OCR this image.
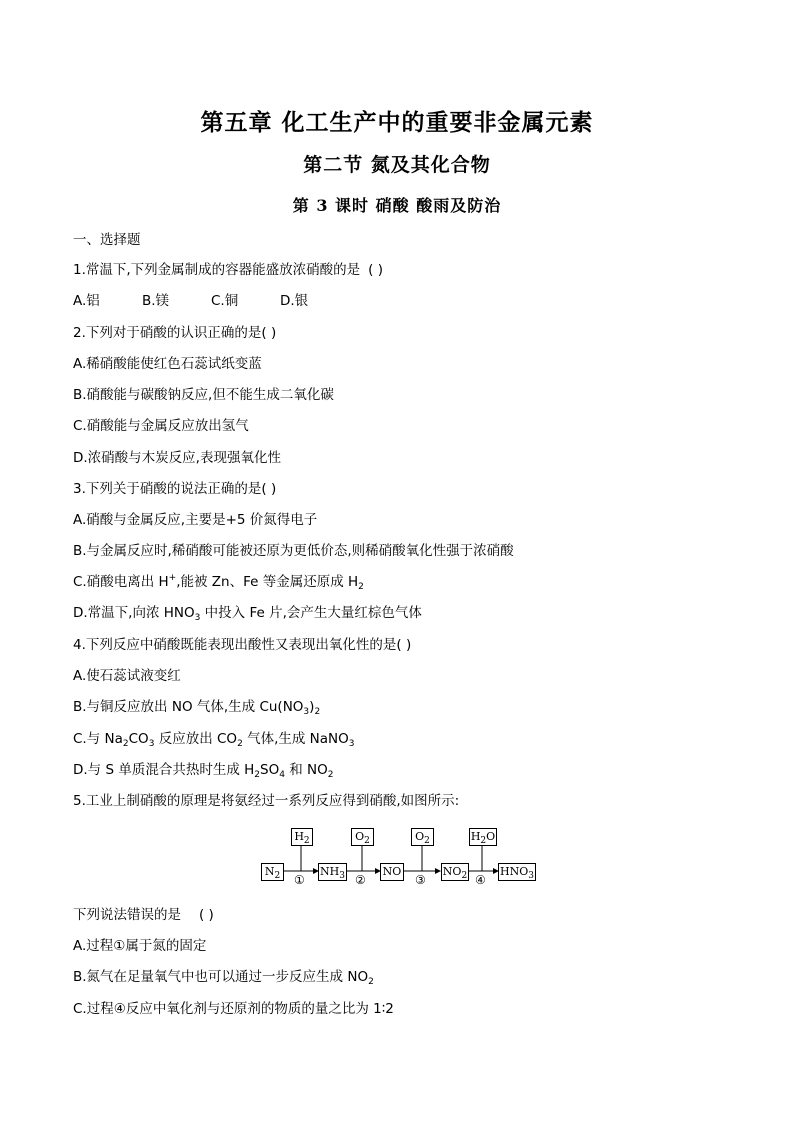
第五章 化工生产中的重要非金属元素
第二节 氮及其化合物
第 3 课时 硝酸 酸雨及防治
一、选择题
1.常温下,下列金属制成的容器能盛放浓硝酸的是 ( )
A.铝	B.镁	C.铜	D.银
2.下列对于硝酸的认识正确的是( )
A.稀硝酸能使红色石蕊试纸变蓝
B.硝酸能与碳酸钠反应,但不能生成二氧化碳
C.硝酸能与金属反应放出氢气
D.浓硝酸与木炭反应,表现强氧化性
3.下列关于硝酸的说法正确的是( )
A.硝酸与金属反应,主要是+5 价氮得电子
B.与金属反应时,稀硝酸可能被还原为更低价态,则稀硝酸氧化性强于浓硝酸
C.硝酸电离出 H+,能被 Zn、Fe 等金属还原成 $H_2$
D.常温下,向浓 $HNO_3$ 中投入 Fe 片,会产生大量红棕色气体
4.下列反应中硝酸既能表现出酸性又表现出氧化性的是( )
A.使石蕊试液变红
B.与铜反应放出 NO 气体,生成 $Cu(NO_3)_2$
C.与 $Na_2CO_3$ 反应放出 $CO_2$ 气体,生成 NaNO$_3$
D.与 S 单质混合共热时生成 $H_2SO_4$ 和 $NO_2$
5.工业上制硝酸的原理是将氨经过一系列反应得到硝酸,如图所示:
$N_2$	$NH_3$	NO	$NO_2$	$HNO_3$
$H_2$	$O_2$	$O_2$	$H_2O$
①	②	③	④
下列说法错误的是 ( )
A.过程①属于氮的固定
B.氮气在足量氧气中也可以通过一步反应生成 $NO_2$
C.过程④反应中氧化剂与还原剂的物质的量之比为 1∶2
